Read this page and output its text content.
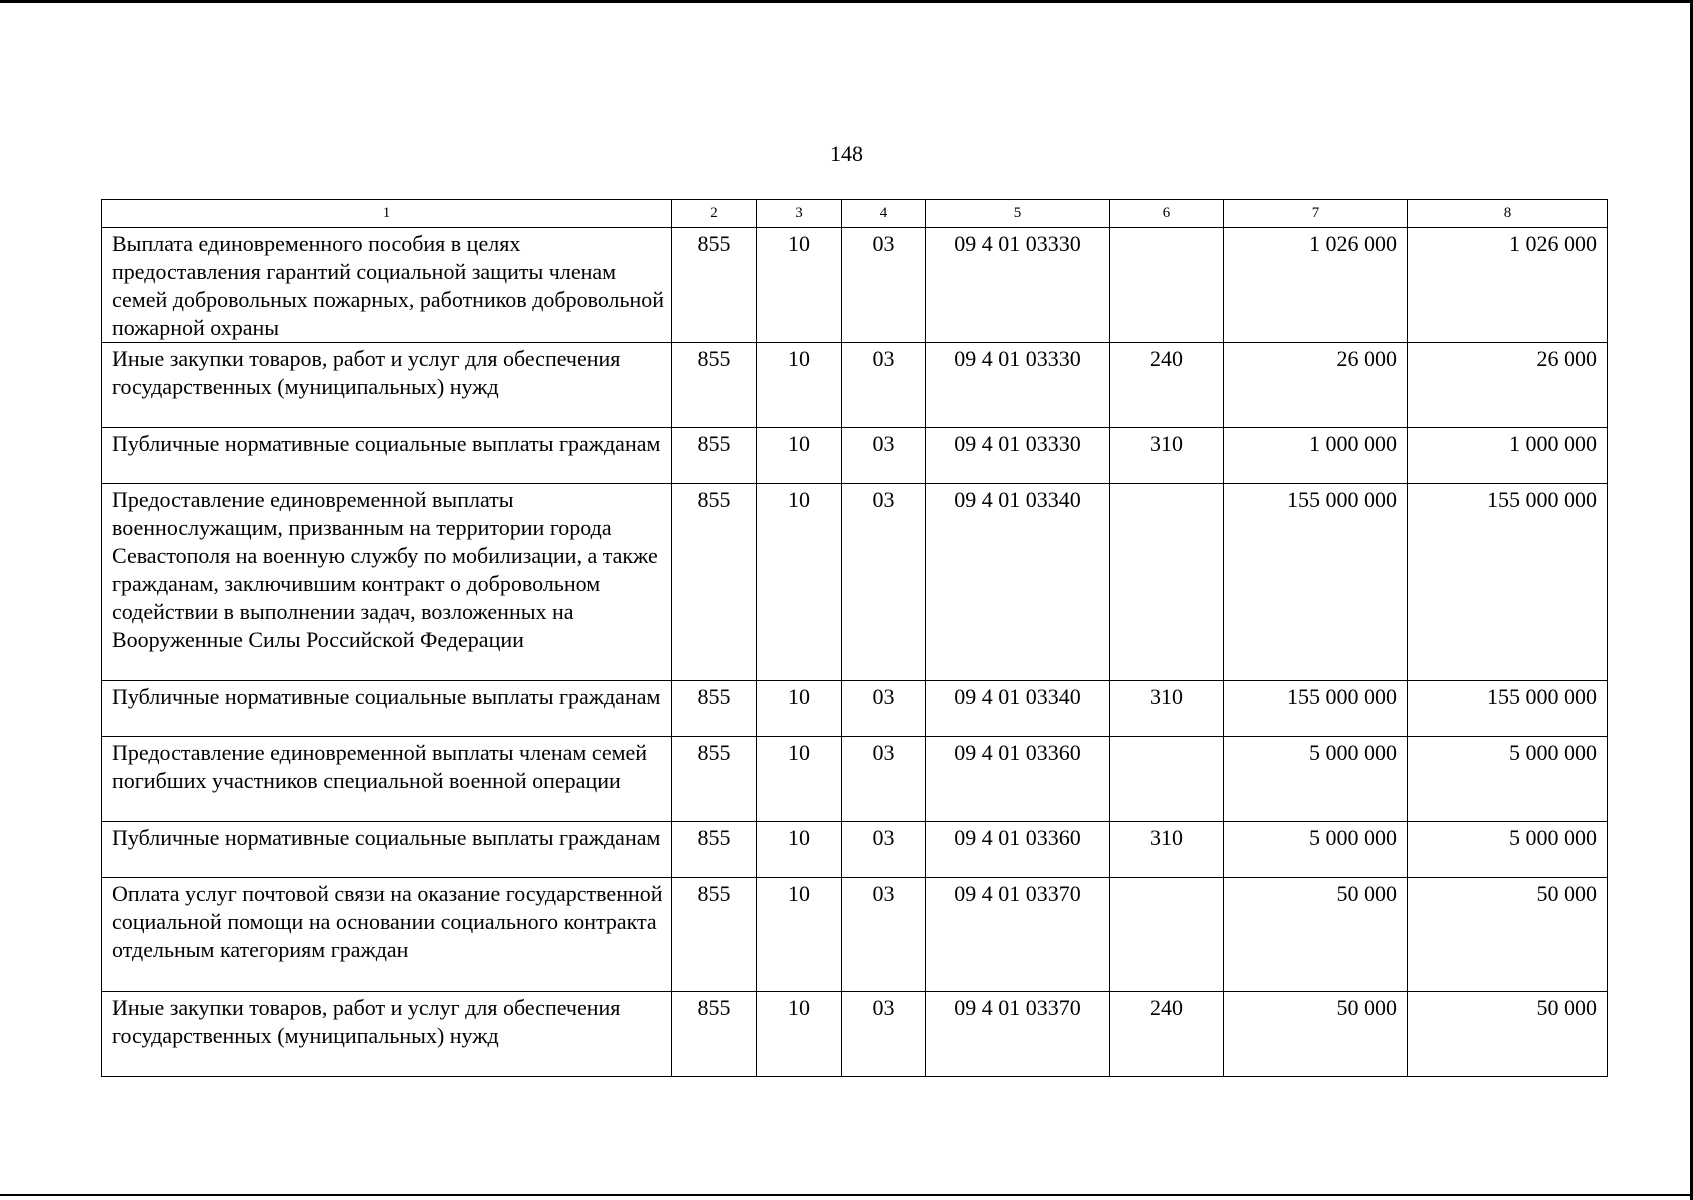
148
1	2	3	4	5	6	7	8
Выплата единовременного пособия в целях предоставления гарантий социальной защиты членам семей добровольных пожарных, работников добровольной пожарной охраны	855	10	03	09 4 01 03330		1 026 000	1 026 000
Иные закупки товаров, работ и услуг для обеспечения государственных (муниципальных) нужд	855	10	03	09 4 01 03330	240	26 000	26 000
Публичные нормативные социальные выплаты гражданам	855	10	03	09 4 01 03330	310	1 000 000	1 000 000
Предоставление единовременной выплаты военнослужащим, призванным на территории города Севастополя на военную службу по мобилизации, а также гражданам, заключившим контракт о добровольном содействии в выполнении задач, возложенных на Вооруженные Силы Российской Федерации	855	10	03	09 4 01 03340		155 000 000	155 000 000
Публичные нормативные социальные выплаты гражданам	855	10	03	09 4 01 03340	310	155 000 000	155 000 000
Предоставление единовременной выплаты членам семей погибших участников специальной военной операции	855	10	03	09 4 01 03360		5 000 000	5 000 000
Публичные нормативные социальные выплаты гражданам	855	10	03	09 4 01 03360	310	5 000 000	5 000 000
Оплата услуг почтовой связи на оказание государственной социальной помощи на основании социального контракта отдельным категориям граждан	855	10	03	09 4 01 03370		50 000	50 000
Иные закупки товаров, работ и услуг для обеспечения государственных (муниципальных) нужд	855	10	03	09 4 01 03370	240	50 000	50 000
